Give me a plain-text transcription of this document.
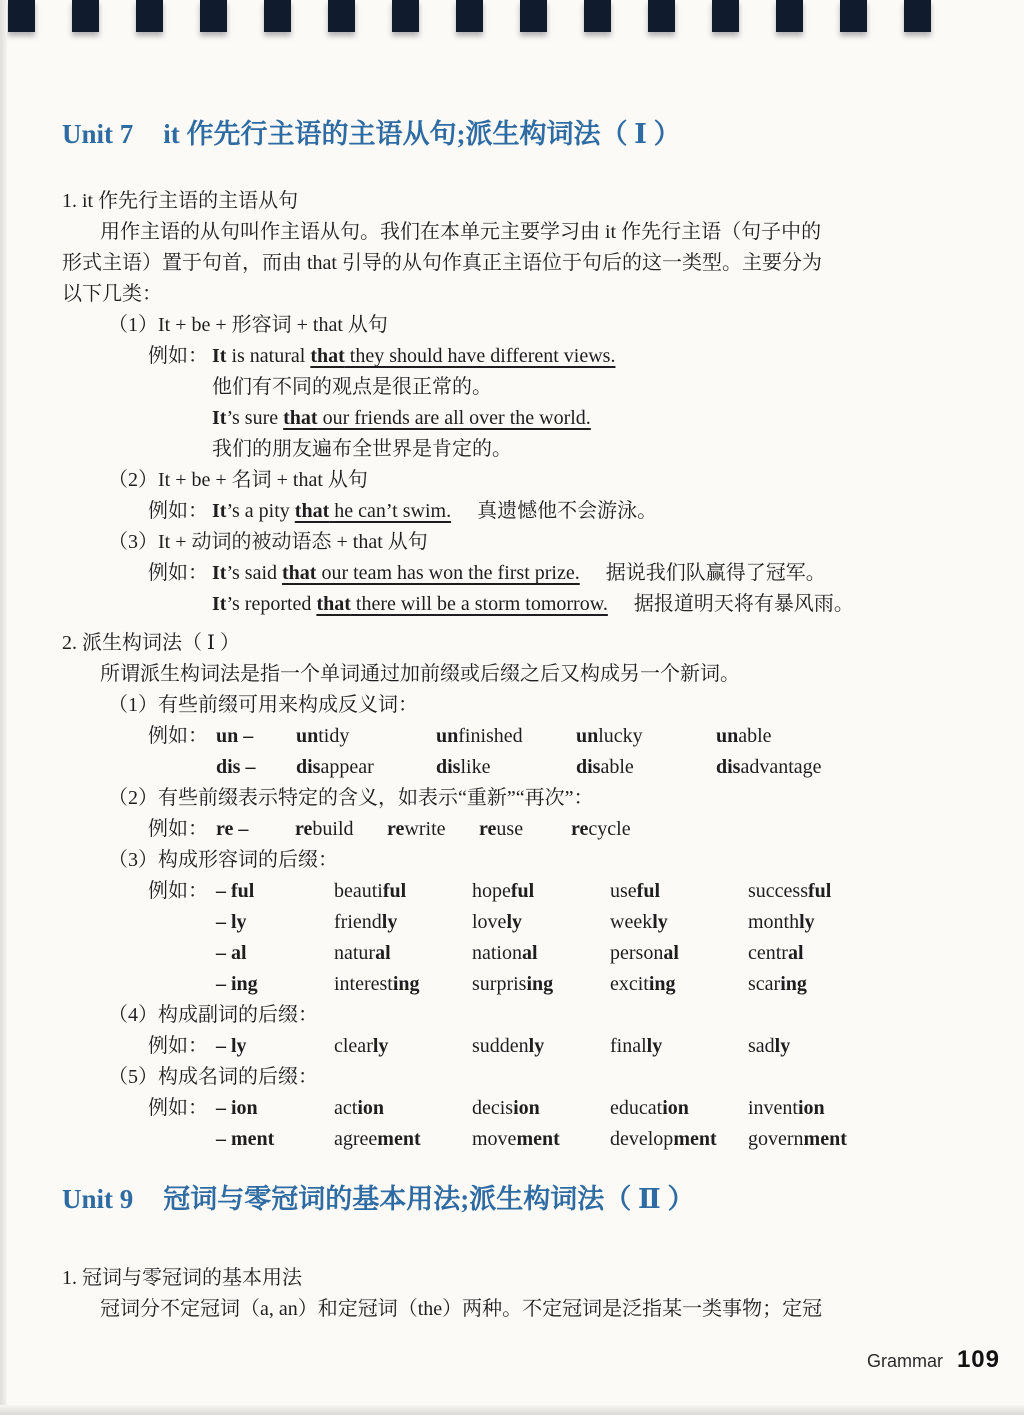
Unit 7 it 作先行主语的主语从句;派生构词法（ Ⅰ ）
1. it 作先行主语的主语从句

用作主语的从句叫作主语从句。我们在本单元主要学习由 it 作先行主语（句子中的
形式主语）置于句首，而由 that 引导的从句作真正主语位于句后的这一类型。主要分为
以下几类：

（1）It + be + 形容词 + that 从句
例如： It is natural that they should have different views.
他们有不同的观点是很正常的。
It’s sure that our friends are all over the world.
我们的朋友遍布全世界是肯定的。
（2）It + be + 名词 + that 从句
例如： It’s a pity that he can’t swim. 真遗憾他不会游泳。
（3）It + 动词的被动语态 + that 从句
例如： It’s said that our team has won the first prize. 据说我们队赢得了冠军。
It’s reported that there will be a storm tomorrow. 据报道明天将有暴风雨。
2. 派生构词法（ Ⅰ ）
所谓派生构词法是指一个单词通过加前缀或后缀之后又构成另一个新词。
（1）有些前缀可用来构成反义词：
例如： un –	untidy	unfinished	unlucky	unable
dis –	disappear	dislike	disable	disadvantage
（2）有些前缀表示特定的含义，如表示“重新”“再次”：
例如： re –	rebuild	rewrite	reuse	recycle
（3）构成形容词的后缀：
例如： – ful	beautiful	hopeful	useful	successful
– ly	friendly	lovely	weekly	monthly
– al	natural	national	personal	central
– ing	interesting	surprising	exciting	scaring
（4）构成副词的后缀：
例如： – ly	clearly	suddenly	finally	sadly
（5）构成名词的后缀：
例如： – ion	action	decision	education	invention
– ment	agreement	movement	development	government
Unit 9 冠词与零冠词的基本用法;派生构词法（ Ⅱ ）
1. 冠词与零冠词的基本用法

冠词分不定冠词（a, an）和定冠词（the）两种。不定冠词是泛指某一类事物；定冠

Grammar 109
